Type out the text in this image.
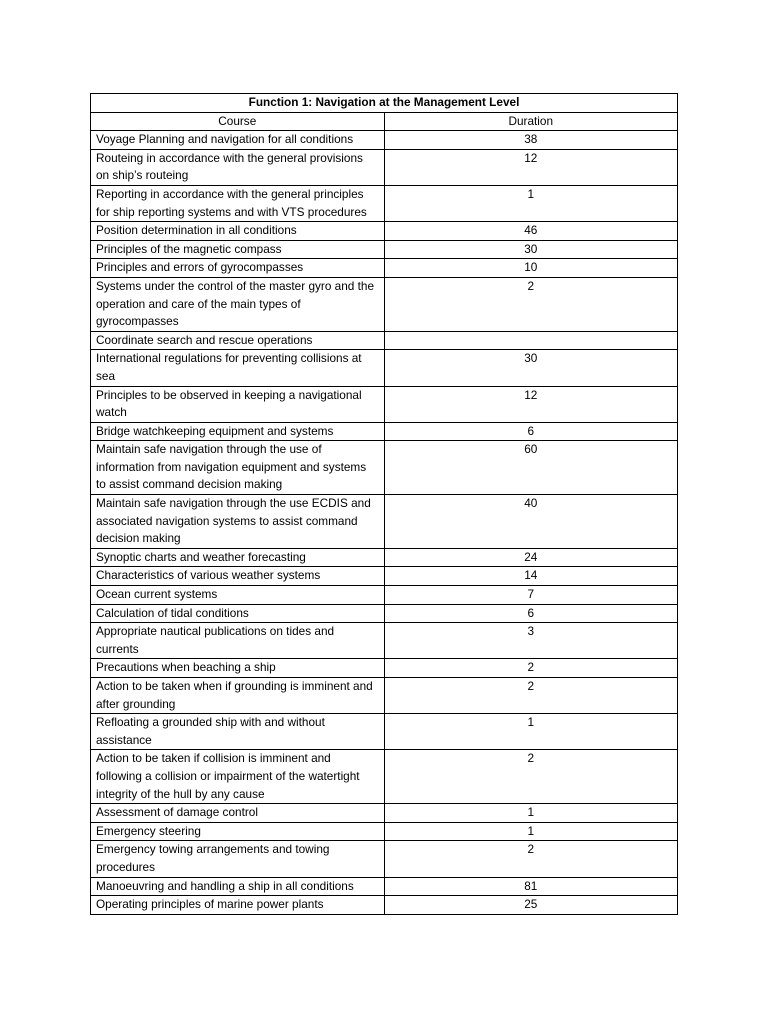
Function 1: Navigation at the Management Level	
Course	Duration
Voyage Planning and navigation for all conditions	38
Routeing in accordance with the general provisions on ship’s routeing	12
Reporting in accordance with the general principles for ship reporting systems and with VTS procedures	1
Position determination in all conditions	46
Principles of the magnetic compass	30
Principles and errors of gyrocompasses	10
Systems under the control of the master gyro and the operation and care of the main types of gyrocompasses	2
Coordinate search and rescue operations	
International regulations for preventing collisions at sea	30
Principles to be observed in keeping a navigational watch	12
Bridge watchkeeping equipment and systems	6
Maintain safe navigation through the use of information from navigation equipment and systems to assist command decision making	60
Maintain safe navigation through the use ECDIS and associated navigation systems to assist command decision making	40
Synoptic charts and weather forecasting	24
Characteristics of various weather systems	14
Ocean current systems	7
Calculation of tidal conditions	6
Appropriate nautical publications on tides and currents	3
Precautions when beaching a ship	2
Action to be taken when if grounding is imminent and after grounding	2
Refloating a grounded ship with and without assistance	1
Action to be taken if collision is imminent and following a collision or impairment of the watertight integrity of the hull by any cause	2
Assessment of damage control	1
Emergency steering	1
Emergency towing arrangements and towing procedures	2
Manoeuvring and handling a ship in all conditions	81
Operating principles of marine power plants	25
